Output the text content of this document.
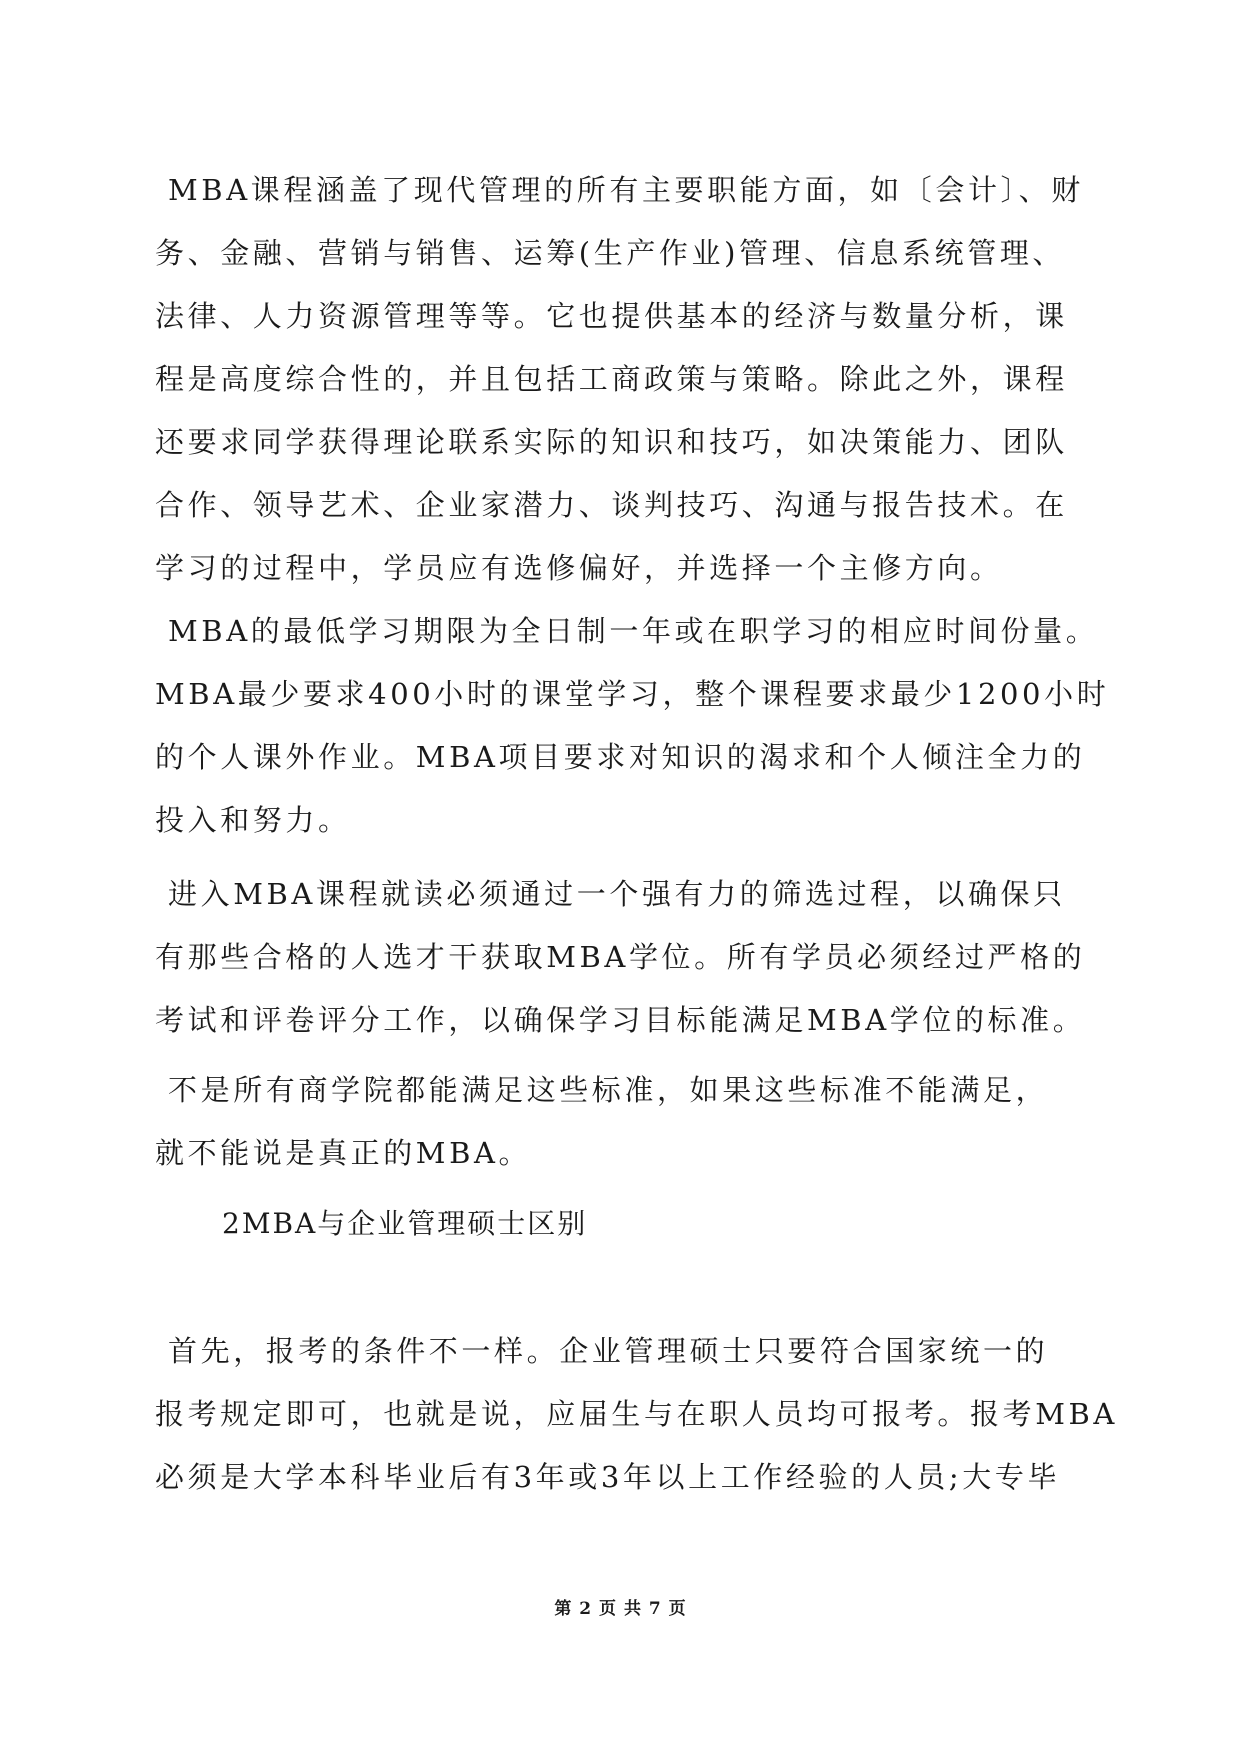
MBA课程涵盖了现代管理的所有主要职能方面，如〔会计〕、财
务、金融、营销与销售、运筹(生产作业)管理、信息系统管理、
法律、人力资源管理等等。它也提供基本的经济与数量分析，课
程是高度综合性的，并且包括工商政策与策略。除此之外，课程
还要求同学获得理论联系实际的知识和技巧，如决策能力、团队
合作、领导艺术、企业家潜力、谈判技巧、沟通与报告技术。在
学习的过程中，学员应有选修偏好，并选择一个主修方向。
MBA的最低学习期限为全日制一年或在职学习的相应时间份量。
MBA最少要求400小时的课堂学习，整个课程要求最少1200小时
的个人课外作业。MBA项目要求对知识的渴求和个人倾注全力的
投入和努力。
进入MBA课程就读必须通过一个强有力的筛选过程，以确保只
有那些合格的人选才干获取MBA学位。所有学员必须经过严格的
考试和评卷评分工作，以确保学习目标能满足MBA学位的标准。
不是所有商学院都能满足这些标准，如果这些标准不能满足，
就不能说是真正的MBA。
2MBA与企业管理硕士区别
首先，报考的条件不一样。企业管理硕士只要符合国家统一的
报考规定即可，也就是说，应届生与在职人员均可报考。报考MBA
必须是大学本科毕业后有3年或3年以上工作经验的人员;大专毕
第 2 页 共 7 页
